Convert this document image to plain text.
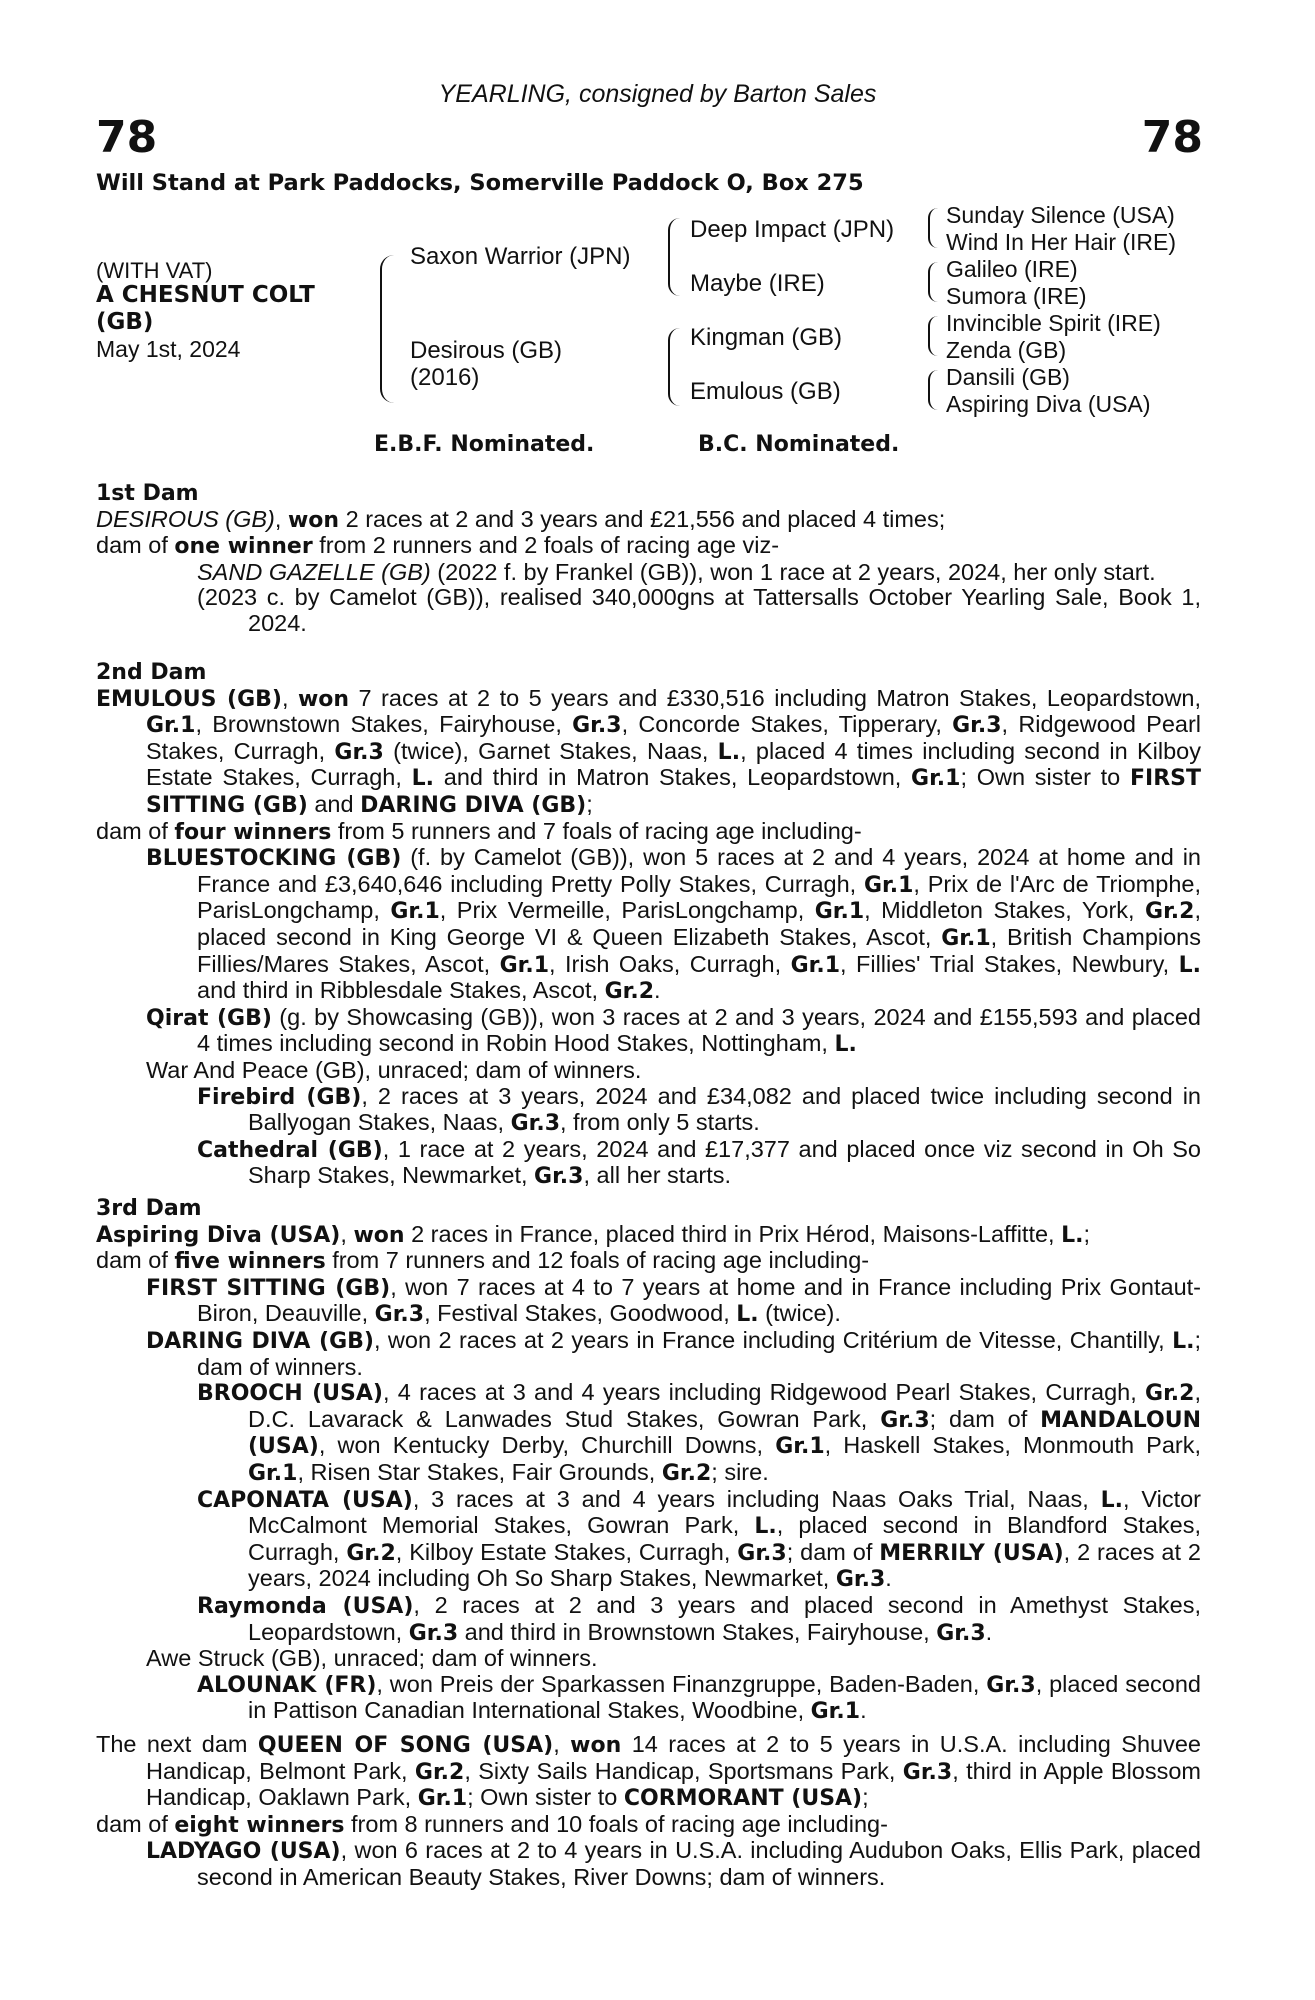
YEARLING, consigned by Barton Sales
78	78
Will Stand at Park Paddocks, Somerville Paddock O, Box 275
(WITH VAT)
A CHESNUT COLT
(GB)
May 1st, 2024
Saxon Warrior (JPN)
Desirous (GB)
(2016)
Deep Impact (JPN)
Maybe (IRE)
Kingman (GB)
Emulous (GB)
Sunday Silence (USA)
Wind In Her Hair (IRE)
Galileo (IRE)
Sumora (IRE)
Invincible Spirit (IRE)
Zenda (GB)
Dansili (GB)
Aspiring Diva (USA)
E.B.F. Nominated.	B.C. Nominated.

1st Dam

DESIROUS (GB), won 2 races at 2 and 3 years and £21,556 and placed 4 times;

dam of one winner from 2 runners and 2 foals of racing age viz-

SAND GAZELLE (GB) (2022 f. by Frankel (GB)), won 1 race at 2 years, 2024, her only start.

(2023 c. by Camelot (GB)), realised 340,000gns at Tattersalls October Yearling Sale, Book 1, 2024.

2nd Dam

EMULOUS (GB), won 7 races at 2 to 5 years and £330,516 including Matron Stakes, Leopardstown, Gr.1, Brownstown Stakes, Fairyhouse, Gr.3, Concorde Stakes, Tipperary, Gr.3, Ridgewood Pearl Stakes, Curragh, Gr.3 (twice), Garnet Stakes, Naas, L., placed 4 times including second in Kilboy Estate Stakes, Curragh, L. and third in Matron Stakes, Leopardstown, Gr.1; Own sister to FIRST SITTING (GB) and DARING DIVA (GB);

dam of four winners from 5 runners and 7 foals of racing age including-

BLUESTOCKING (GB) (f. by Camelot (GB)), won 5 races at 2 and 4 years, 2024 at home and in France and £3,640,646 including Pretty Polly Stakes, Curragh, Gr.1, Prix de l'Arc de Triomphe, ParisLongchamp, Gr.1, Prix Vermeille, ParisLongchamp, Gr.1, Middleton Stakes, York, Gr.2, placed second in King George VI & Queen Elizabeth Stakes, Ascot, Gr.1, British Champions Fillies/Mares Stakes, Ascot, Gr.1, Irish Oaks, Curragh, Gr.1, Fillies' Trial Stakes, Newbury, L. and third in Ribblesdale Stakes, Ascot, Gr.2.

Qirat (GB) (g. by Showcasing (GB)), won 3 races at 2 and 3 years, 2024 and £155,593 and placed 4 times including second in Robin Hood Stakes, Nottingham, L.

War And Peace (GB), unraced; dam of winners.

Firebird (GB), 2 races at 3 years, 2024 and £34,082 and placed twice including second in Ballyogan Stakes, Naas, Gr.3, from only 5 starts.

Cathedral (GB), 1 race at 2 years, 2024 and £17,377 and placed once viz second in Oh So Sharp Stakes, Newmarket, Gr.3, all her starts.

3rd Dam

Aspiring Diva (USA), won 2 races in France, placed third in Prix Hérod, Maisons-Laffitte, L.;

dam of five winners from 7 runners and 12 foals of racing age including-

FIRST SITTING (GB), won 7 races at 4 to 7 years at home and in France including Prix Gontaut-Biron, Deauville, Gr.3, Festival Stakes, Goodwood, L. (twice).

DARING DIVA (GB), won 2 races at 2 years in France including Critérium de Vitesse, Chantilly, L.; dam of winners.

BROOCH (USA), 4 races at 3 and 4 years including Ridgewood Pearl Stakes, Curragh, Gr.2, D.C. Lavarack & Lanwades Stud Stakes, Gowran Park, Gr.3; dam of MANDALOUN (USA), won Kentucky Derby, Churchill Downs, Gr.1, Haskell Stakes, Monmouth Park, Gr.1, Risen Star Stakes, Fair Grounds, Gr.2; sire.

CAPONATA (USA), 3 races at 3 and 4 years including Naas Oaks Trial, Naas, L., Victor McCalmont Memorial Stakes, Gowran Park, L., placed second in Blandford Stakes, Curragh, Gr.2, Kilboy Estate Stakes, Curragh, Gr.3; dam of MERRILY (USA), 2 races at 2 years, 2024 including Oh So Sharp Stakes, Newmarket, Gr.3.

Raymonda (USA), 2 races at 2 and 3 years and placed second in Amethyst Stakes, Leopardstown, Gr.3 and third in Brownstown Stakes, Fairyhouse, Gr.3.

Awe Struck (GB), unraced; dam of winners.

ALOUNAK (FR), won Preis der Sparkassen Finanzgruppe, Baden-Baden, Gr.3, placed second in Pattison Canadian International Stakes, Woodbine, Gr.1.

The next dam QUEEN OF SONG (USA), won 14 races at 2 to 5 years in U.S.A. including Shuvee Handicap, Belmont Park, Gr.2, Sixty Sails Handicap, Sportsmans Park, Gr.3, third in Apple Blossom Handicap, Oaklawn Park, Gr.1; Own sister to CORMORANT (USA);

dam of eight winners from 8 runners and 10 foals of racing age including-

LADYAGO (USA), won 6 races at 2 to 4 years in U.S.A. including Audubon Oaks, Ellis Park, placed second in American Beauty Stakes, River Downs; dam of winners.
